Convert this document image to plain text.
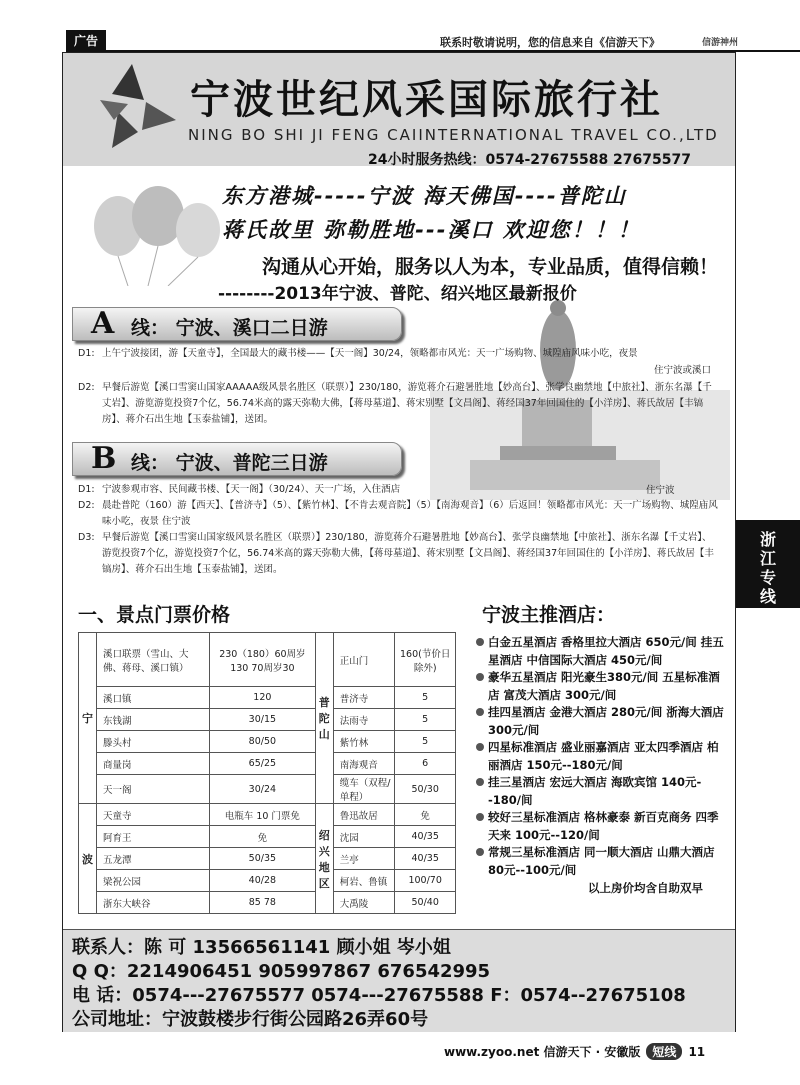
广告	联系时敬请说明，您的信息来自《信游天下》	信游神州
宁波世纪风采国际旅行社
NING BO SHI JI FENG CAIINTERNATIONAL TRAVEL CO.,LTD
24小时服务热线：0574-27675588 27675577
东方港城-----宁波 海天佛国----普陀山
蒋氏故里 弥勒胜地---溪口 欢迎您！！！
沟通从心开始，服务以人为本，专业品质，值得信赖！
--------2013年宁波、普陀、绍兴地区最新报价
A 线： 宁波、溪口二日游
D1: 上午宁波接团，游【天童寺】，全国最大的藏书楼——【天一阁】30/24，领略都市风光：天一广场购物、城隍庙风味小吃，夜景
住宁波或溪口
D2: 早餐后游览【溪口雪窦山国家AAAAA级风景名胜区（联票）】230/180，游览蒋介石避暑胜地【妙高台】、张学良幽禁地【中旅社】、浙东名瀑【千丈岩】、游览游览投资7个亿，56.74米高的露天弥勒大佛，【蒋母墓道】、蒋宋别墅【文昌阁】、蒋经国37年回国住的【小洋房】、蒋氏故居【丰镐房】、蒋介石出生地【玉泰盐铺】，送团。
B 线： 宁波、普陀三日游
D1: 宁波参观市容、民间藏书楼、【天一阁】（30/24）、天一广场，入住酒店	住宁波
D2: 晨赴普陀（160）游【西天】、【普济寺】（5）、【紫竹林】、【不肯去观音院】（5）【南海观音】（6）后返回！领略都市风光：天一广场购物、城隍庙风味小吃，夜景 住宁波
D3: 早餐后游览【溪口雪窦山国家级风景名胜区（联票）】230/180，游览蒋介石避暑胜地【妙高台】、张学良幽禁地【中旅社】、浙东名瀑【千丈岩】、游览投资7个亿，游览投资7个亿，56.74米高的露天弥勒大佛，【蒋母墓道】、蒋宋别墅【文昌阁】、蒋经国37年回国住的【小洋房】、蒋氏故居【丰镐房】、蒋介石出生地【玉泰盐铺】，送团。
一、景点门票价格
宁	溪口联票（雪山、大佛、蒋母、溪口镇）	230（180）60周岁130 70周岁30	普陀山	正山门	160(节价日除外)
	溪口镇	120		普济寺	5
	东钱湖	30/15		法雨寺	5
	滕头村	80/50		紫竹林	5
	商量岗	65/25		南海观音	6
	天一阁	30/24		缆车（双程/单程）	50/30
波	天童寺	电瓶车 10 门票免	绍兴地区	鲁迅故居	免
	阿育王	免		沈园	40/35
	五龙潭	50/35		兰亭	40/35
	梁祝公园	40/28		柯岩、鲁镇	100/70
	浙东大峡谷	85 78		大禹陵	50/40
宁波主推酒店：
白金五星酒店 香格里拉大酒店 650元/间 挂五星酒店 中信国际大酒店 450元/间
豪华五星酒店 阳光豪生380元/间 五星标准酒店 富茂大酒店 300元/间
挂四星酒店 金港大酒店 280元/间 浙海大酒店 300元/间
四星标准酒店 盛业丽嘉酒店 亚太四季酒店 柏丽酒店 150元--180元/间
挂三星酒店 宏远大酒店 海欧宾馆 140元--180/间
较好三星标准酒店 格林豪泰 新百克商务 四季天来 100元--120/间
常规三星标准酒店 同一顺大酒店 山鼎大酒店 80元--100元/间
以上房价均含自助双早
联系人：陈 可 13566561141 顾小姐 岑小姐
Q Q：2214906451 905997867 676542995
电 话：0574---27675577 0574---27675588 F：0574--27675108
公司地址：宁波鼓楼步行街公园路26弄60号
浙江专线
www.zyoo.net 信游天下 · 安徽版 短线 11
